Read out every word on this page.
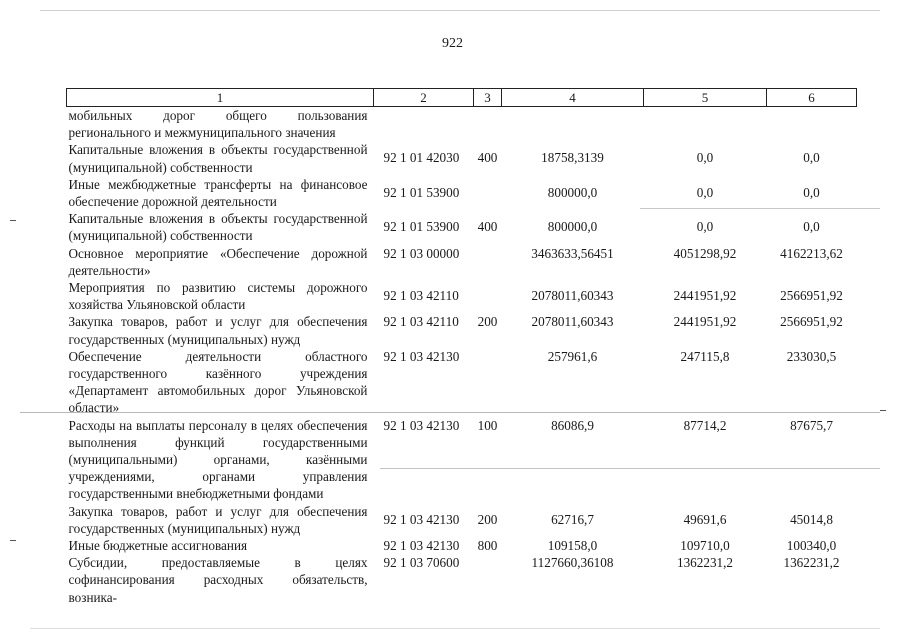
922
1	2	3	4	5	6
мобильных дорог общего пользования регионального и межмуниципального значения					
Капитальные вложения в объекты государственной (муниципальной) собственности	92 1 01 42030	400	18758,3139	0,0	0,0
Иные межбюджетные трансферты на финансовое обеспечение дорожной деятельности	92 1 01 53900		800000,0	0,0	0,0
Капитальные вложения в объекты государственной (муниципальной) собственности	92 1 01 53900	400	800000,0	0,0	0,0
Основное мероприятие «Обеспечение дорожной деятельности»	92 1 03 00000		3463633,56451	4051298,92	4162213,62
Мероприятия по развитию системы дорожного хозяйства Ульяновской области	92 1 03 42110		2078011,60343	2441951,92	2566951,92
Закупка товаров, работ и услуг для обеспечения государственных (муниципальных) нужд	92 1 03 42110	200	2078011,60343	2441951,92	2566951,92
Обеспечение деятельности областного государственного казённого учреждения «Департамент автомобильных дорог Ульяновской области»	92 1 03 42130		257961,6	247115,8	233030,5
Расходы на выплаты персоналу в целях обеспечения выполнения функций государственными (муниципальными) органами, казёнными учреждениями, органами управления государственными внебюджетными фондами	92 1 03 42130	100	86086,9	87714,2	87675,7
Закупка товаров, работ и услуг для обеспечения государственных (муниципальных) нужд	92 1 03 42130	200	62716,7	49691,6	45014,8
Иные бюджетные ассигнования	92 1 03 42130	800	109158,0	109710,0	100340,0
Субсидии, предоставляемые в целях софинансирования расходных обязательств, возника-	92 1 03 70600		1127660,36108	1362231,2	1362231,2
